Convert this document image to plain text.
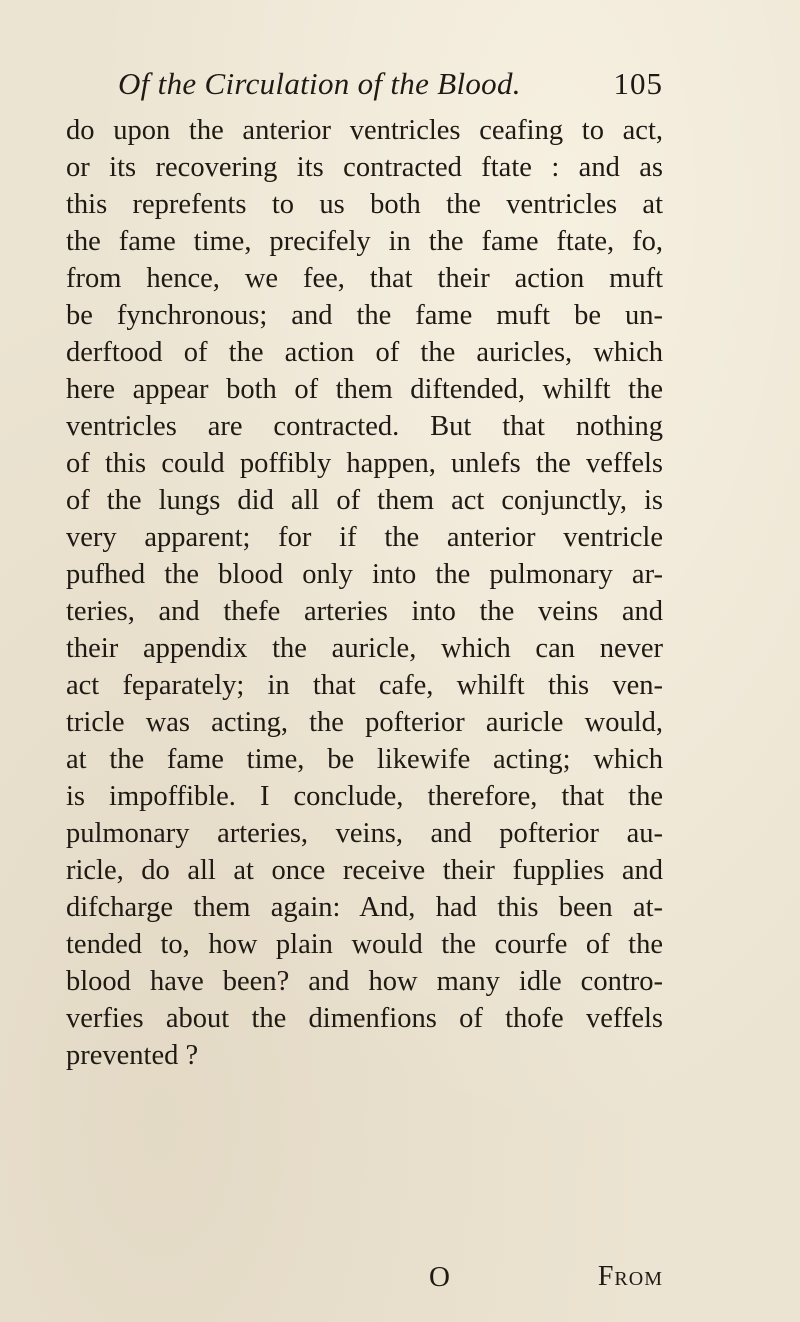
Of the Circulation of the Blood.	105
do upon the anterior ventricles ceafing to act,
or its recovering its contracted ftate : and as
this reprefents to us both the ventricles at
the fame time, precifely in the fame ftate, fo,
from hence, we fee, that their action muft
be fynchronous; and the fame muft be un-
derftood of the action of the auricles, which
here appear both of them diftended, whilft the
ventricles are contracted. But that nothing
of this could poffibly happen, unlefs the veffels
of the lungs did all of them act conjunctly, is
very apparent; for if the anterior ventricle
pufhed the blood only into the pulmonary ar-
teries, and thefe arteries into the veins and
their appendix the auricle, which can never
act feparately; in that cafe, whilft this ven-
tricle was acting, the pofterior auricle would,
at the fame time, be likewife acting; which
is impoffible. I conclude, therefore, that the
pulmonary arteries, veins, and pofterior au-
ricle, do all at once receive their fupplies and
difcharge them again: And, had this been at-
tended to, how plain would the courfe of the
blood have been? and how many idle contro-
verfies about the dimenfions of thofe veffels
prevented ?
O	From
